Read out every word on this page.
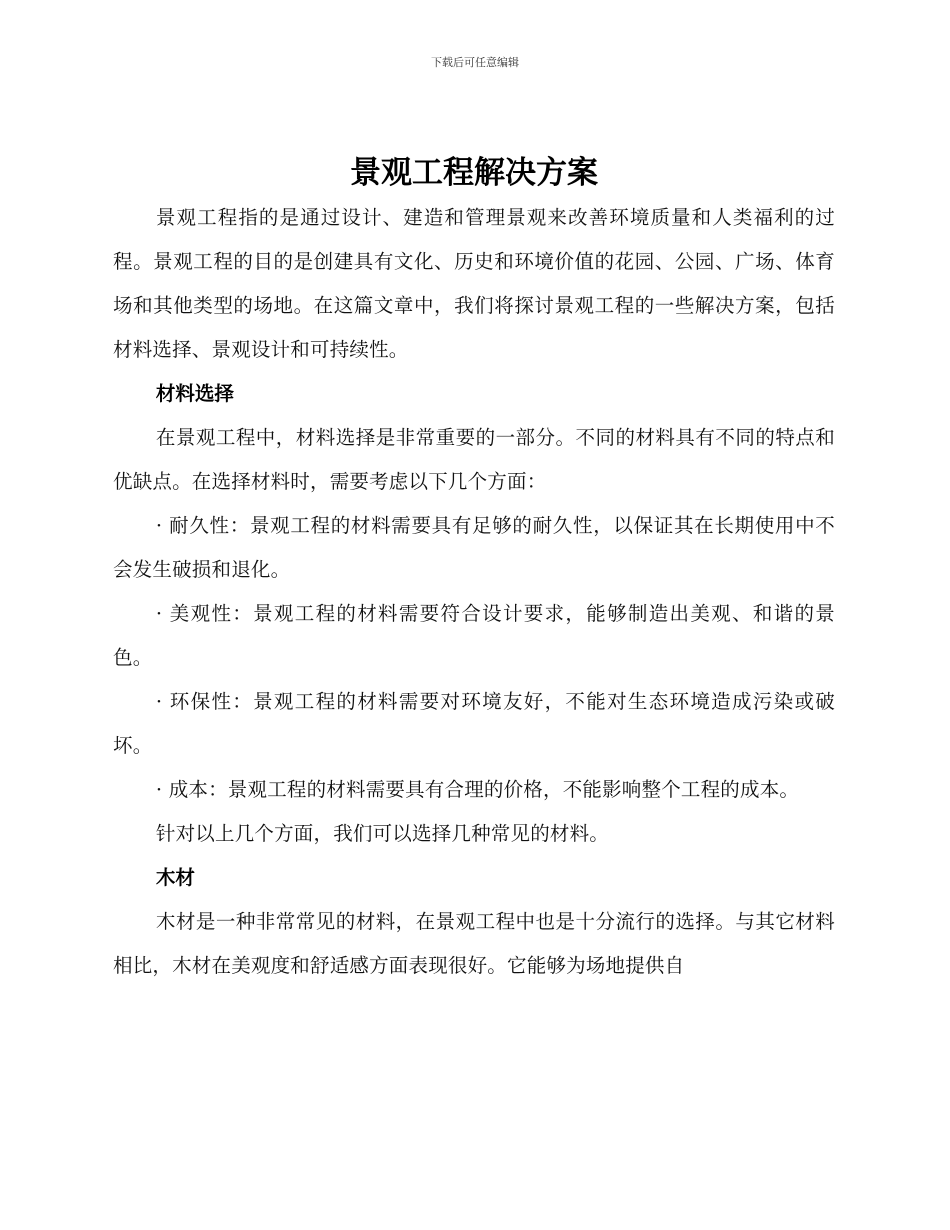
下载后可任意编辑
景观工程解决方案

景观工程指的是通过设计、建造和管理景观来改善环境质量和人类福利的过程。景观工程的目的是创建具有文化、历史和环境价值的花园、公园、广场、体育场和其他类型的场地。在这篇文章中，我们将探讨景观工程的一些解决方案，包括材料选择、景观设计和可持续性。

材料选择

在景观工程中，材料选择是非常重要的一部分。不同的材料具有不同的特点和优缺点。在选择材料时，需要考虑以下几个方面：

· 耐久性：景观工程的材料需要具有足够的耐久性，以保证其在长期使用中不会发生破损和退化。

· 美观性：景观工程的材料需要符合设计要求，能够制造出美观、和谐的景色。

· 环保性：景观工程的材料需要对环境友好，不能对生态环境造成污染或破坏。

· 成本：景观工程的材料需要具有合理的价格，不能影响整个工程的成本。

针对以上几个方面，我们可以选择几种常见的材料。

木材

木材是一种非常常见的材料，在景观工程中也是十分流行的选择。与其它材料相比，木材在美观度和舒适感方面表现很好。它能够为场地提供自
